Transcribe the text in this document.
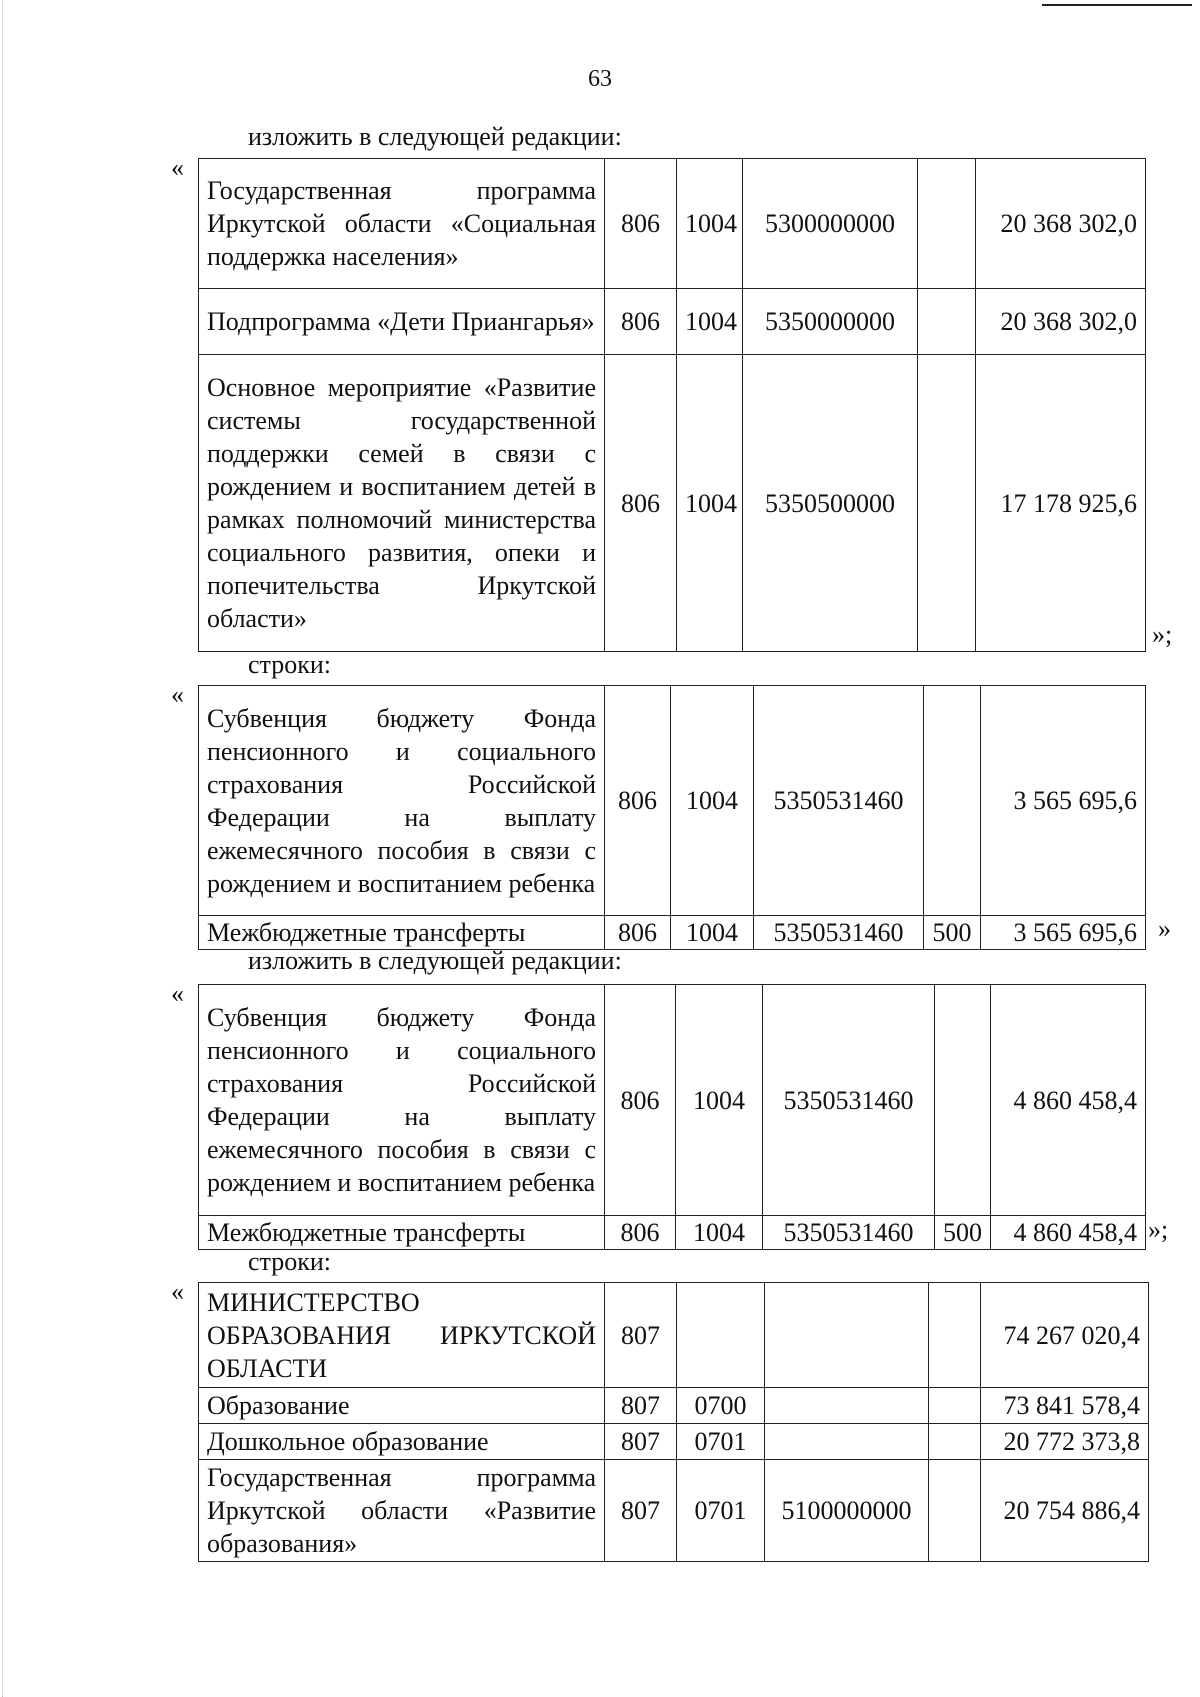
63
изложить в следующей редакции:
«
Государственная программа Иркутской области «Социальная поддержка населения»	806	1004	5300000000		20 368 302,0
Подпрограмма «Дети Приангарья»	806	1004	5350000000		20 368 302,0
Основное мероприятие «Развитие системы государственной поддержки семей в связи с рождением и воспитанием детей в рамках полномочий министерства социального развития, опеки и попечительства Иркутской области»	806	1004	5350500000		17 178 925,6
»;
строки:
«
Субвенция бюджету Фонда пенсионного и социального страхования Российской Федерации на выплату ежемесячного пособия в связи с рождением и воспитанием ребенка	806	1004	5350531460		3 565 695,6
Межбюджетные трансферты	806	1004	5350531460	500	3 565 695,6 »
изложить в следующей редакции:
«
Субвенция бюджету Фонда пенсионного и социального страхования Российской Федерации на выплату ежемесячного пособия в связи с рождением и воспитанием ребенка	806	1004	5350531460		4 860 458,4
Межбюджетные трансферты	806	1004	5350531460	500	4 860 458,4 »;
строки:
« МИНИСТЕРСТВО ОБРАЗОВАНИЯ ИРКУТСКОЙ ОБЛАСТИ	807				74 267 020,4
Образование	807	0700			73 841 578,4
Дошкольное образование	807	0701			20 772 373,8
Государственная программа Иркутской области «Развитие образования»	807	0701	5100000000		20 754 886,4
